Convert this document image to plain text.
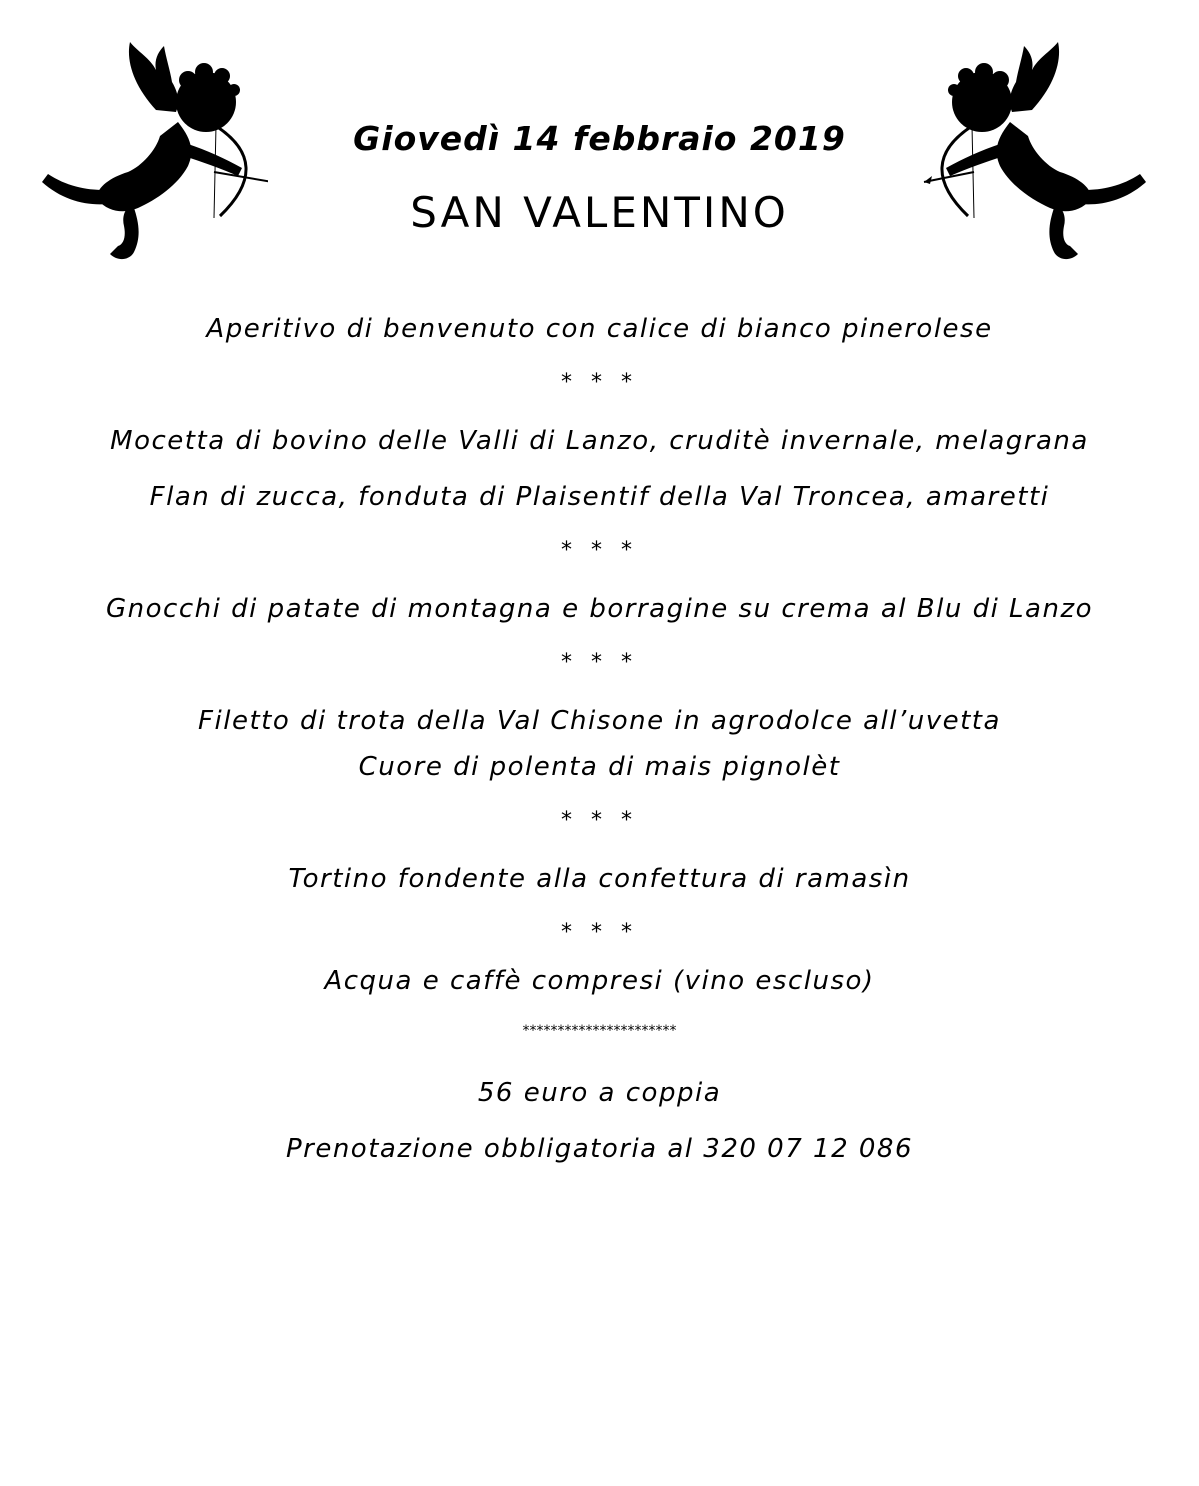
Giovedì 14 febbraio 2019
SAN VALENTINO
Aperitivo di benvenuto con calice di bianco pinerolese
* * *
Mocetta di bovino delle Valli di Lanzo, cruditè invernale, melagrana
Flan di zucca, fonduta di Plaisentif della Val Troncea, amaretti
* * *
Gnocchi di patate di montagna e borragine su crema al Blu di Lanzo
* * *
Filetto di trota della Val Chisone in agrodolce all’uvetta
Cuore di polenta di mais pignolèt
* * *
Tortino fondente alla confettura di ramasìn
* * *
Acqua e caffè compresi (vino escluso)
**********************
56 euro a coppia
Prenotazione obbligatoria al 320 07 12 086
